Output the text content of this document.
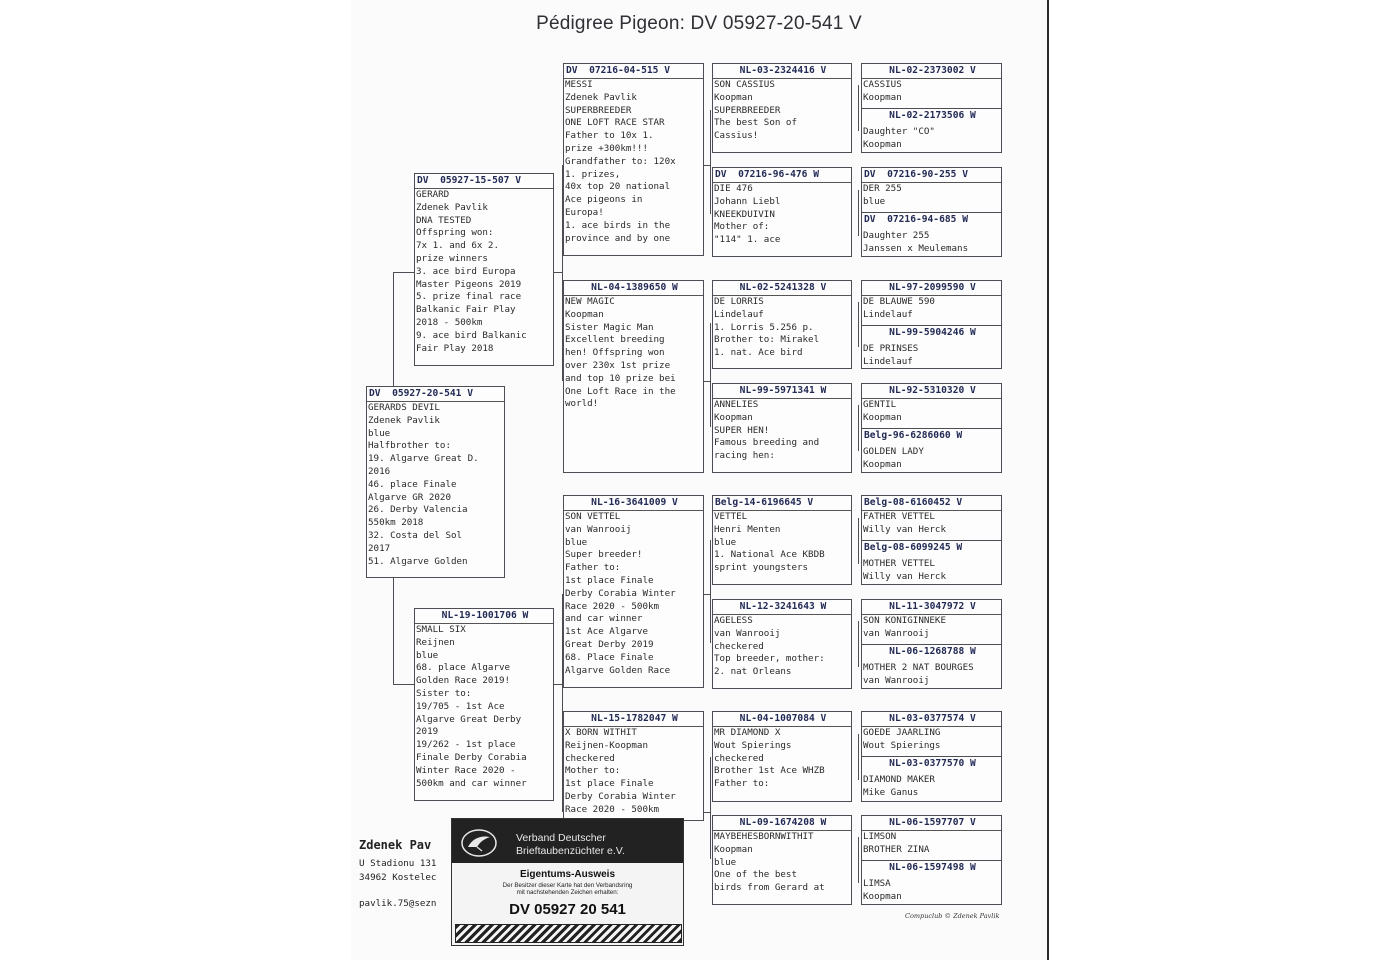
Pédigree Pigeon: DV 05927-20-541 V
DV  05927-20-541 V
GERARDS DEVIL
Zdenek Pavlik
blue
Halfbrother to:
19. Algarve Great D.
2016
46. place Finale
Algarve GR 2020
26. Derby Valencia
550km 2018
32. Costa del Sol
2017
51. Algarve Golden
DV  05927-15-507 V
GERARD
Zdenek Pavlik
DNA TESTED
Offspring won:
7x 1. and 6x 2.
prize winners
3. ace bird Europa
Master Pigeons 2019
5. prize final race
Balkanic Fair Play
2018 - 500km
9. ace bird Balkanic
Fair Play 2018
NL-19-1001706 W
SMALL SIX
Reijnen
blue
68. place Algarve
Golden Race 2019!
Sister to:
19/705 - 1st Ace
Algarve Great Derby
2019
19/262 - 1st place
Finale Derby Corabia
Winter Race 2020 -
500km and car winner
DV  07216-04-515 V
MESSI
Zdenek Pavlik
SUPERBREEDER
ONE LOFT RACE STAR
Father to 10x 1.
prize +300km!!!
Grandfather to: 120x
1. prizes,
40x top 20 national
Ace pigeons in
Europa!
1. ace birds in the
province and by one
NL-04-1389650 W
NEW MAGIC
Koopman
Sister Magic Man
Excellent breeding
hen! Offspring won
over 230x 1st prize
and top 10 prize bei
One Loft Race in the
world!
NL-16-3641009 V
SON VETTEL
van Wanrooij
blue
Super breeder!
Father to:
1st place Finale
Derby Corabia Winter
Race 2020 - 500km
and car winner
1st Ace Algarve
Great Derby 2019
68. Place Finale
Algarve Golden Race
NL-15-1782047 W
X BORN WITHIT
Reijnen-Koopman
checkered
Mother to:
1st place Finale
Derby Corabia Winter
Race 2020 - 500km
NL-03-2324416 V
SON CASSIUS
Koopman
SUPERBREEDER
The best Son of
Cassius!
DV  07216-96-476 W
DIE 476
Johann Liebl
KNEEKDUIVIN
Mother of:
"114" 1. ace
NL-02-5241328 V
DE LORRIS
Lindelauf
1. Lorris 5.256 p.
Brother to: Mirakel
1. nat. Ace bird
NL-99-5971341 W
ANNELIES
Koopman
SUPER HEN!
Famous breeding and
racing hen:
Belg-14-6196645 V
VETTEL
Henri Menten
blue
1. National Ace KBDB
sprint youngsters
NL-12-3241643 W
AGELESS
van Wanrooij
checkered
Top breeder, mother:
2. nat Orleans
NL-04-1007084 V
MR DIAMOND X
Wout Spierings
checkered
Brother 1st Ace WHZB
Father to:
NL-09-1674208 W
MAYBEHESBORNWITHIT
Koopman
blue
One of the best
birds from Gerard at
NL-02-2373002 V
CASSIUS
Koopman
NL-02-2173506 W
Daughter "CO"
Koopman
DV  07216-90-255 V
DER 255
blue
DV  07216-94-685 W
Daughter 255
Janssen x Meulemans
NL-97-2099590 V
DE BLAUWE 590
Lindelauf
NL-99-5904246 W
DE PRINSES
Lindelauf
NL-92-5310320 V
GENTIL
Koopman
Belg-96-6286060 W
GOLDEN LADY
Koopman
Belg-08-6160452 V
FATHER VETTEL
Willy van Herck
Belg-08-6099245 W
MOTHER VETTEL
Willy van Herck
NL-11-3047972 V
SON KONIGINNEKE
van Wanrooij
NL-06-1268788 W
MOTHER 2 NAT BOURGES
van Wanrooij
NL-03-0377574 V
GOEDE JAARLING
Wout Spierings
NL-03-0377570 W
DIAMOND MAKER
Mike Ganus
NL-06-1597707 V
LIMSON
BROTHER ZINA
NL-06-1597498 W
LIMSA
Koopman
Zdenek Pav
U Stadionu 131
34962 Kostelec
pavlik.75@sezn
Verband Deutscher
Brieftaubenzüchter e.V.
Eigentums-Ausweis
Der Besitzer dieser Karte hat den Verbandsring
mit nachstehenden Zeichen erhalten:
DV 05927 20 541	Compuclub © Zdenek Pavlik
